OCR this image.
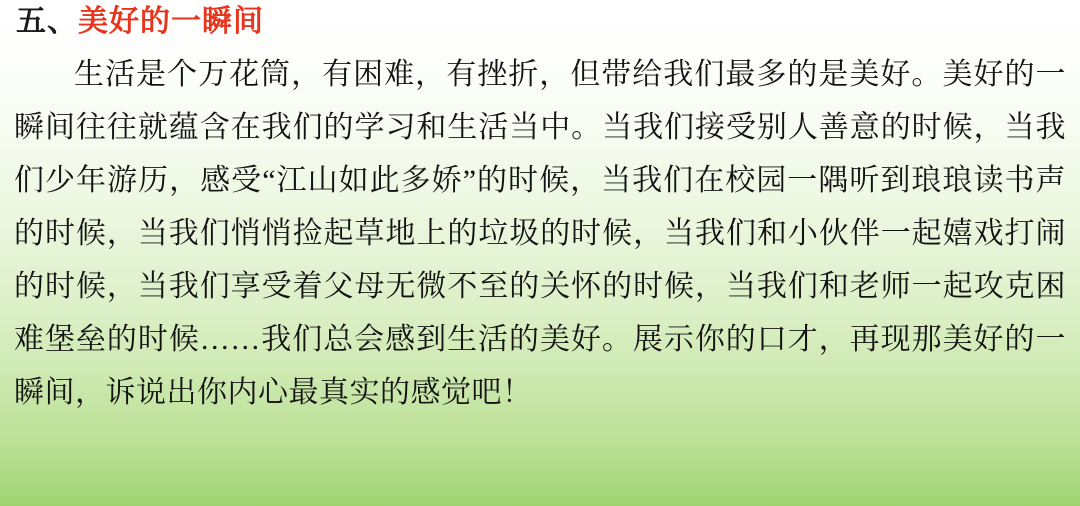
五、美好的一瞬间
生活是个万花筒，有困难，有挫折，但带给我们最多的是美好。美好的一瞬间往往就蕴含在我们的学习和生活当中。当我们接受别人善意的时候，当我们少年游历，感受“江山如此多娇”的时候，当我们在校园一隅听到琅琅读书声的时候，当我们悄悄捡起草地上的垃圾的时候，当我们和小伙伴一起嬉戏打闹的时候，当我们享受着父母无微不至的关怀的时候，当我们和老师一起攻克困难堡垒的时候……我们总会感到生活的美好。展示你的口才，再现那美好的一瞬间，诉说出你内心最真实的感觉吧！
